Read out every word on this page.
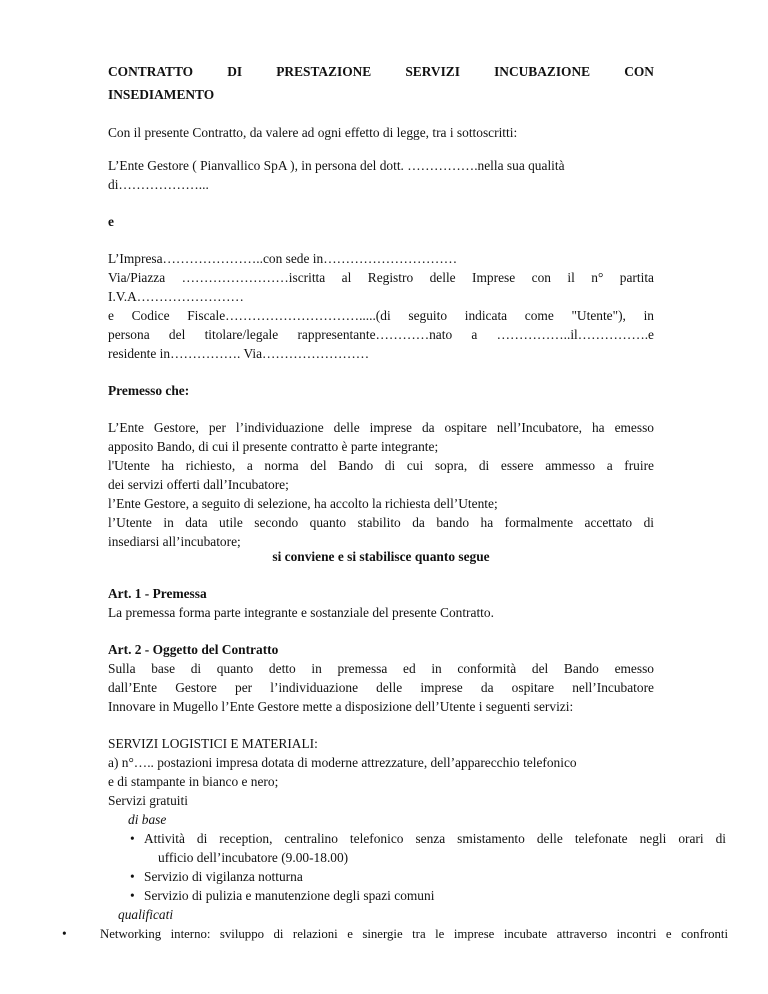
CONTRATTO	DI	PRESTAZIONE	SERVIZI	INCUBAZIONE	CON
INSEDIAMENTO
Con il presente Contratto, da valere ad ogni effetto di legge, tra i sottoscritti:
L’Ente Gestore ( Pianvallico SpA ), in persona del dott. …………….nella sua qualità
di………………...
e
L’Impresa…………………..con sede in…………………………
Via/Piazza ……………………iscritta al Registro delle Imprese con il n° partita
I.V.A……………………
e Codice Fiscale………………………….....(di seguito indicata come "Utente"), in
persona del titolare/legale rappresentante…………nato a ……………..il…………….e
residente in……………. Via……………………
Premesso che:
L’Ente Gestore, per l’individuazione delle imprese da ospitare nell’Incubatore, ha emesso
apposito Bando, di cui il presente contratto è parte integrante;
l'Utente ha richiesto, a norma del Bando di cui sopra, di essere ammesso a fruire
dei servizi offerti dall’Incubatore;
l’Ente Gestore, a seguito di selezione, ha accolto la richiesta dell’Utente;
l’Utente in data utile secondo quanto stabilito da bando ha formalmente accettato di
insediarsi all’incubatore;
si conviene e si stabilisce quanto segue
Art. 1 - Premessa
La premessa forma parte integrante e sostanziale del presente Contratto.
Art. 2 - Oggetto del Contratto
Sulla base di quanto detto in premessa ed in conformità del Bando emesso
dall’Ente Gestore per l’individuazione delle imprese da ospitare nell’Incubatore
Innovare in Mugello l’Ente Gestore mette a disposizione dell’Utente i seguenti servizi:
SERVIZI LOGISTICI E MATERIALI:
a) n°….. postazioni impresa dotata di moderne attrezzature, dell’apparecchio telefonico
e di stampante in bianco e nero;
Servizi gratuiti
di base
• Attività di reception, centralino telefonico senza smistamento delle telefonate negli orari di
ufficio dell’incubatore (9.00-18.00)
• Servizio di vigilanza notturna
• Servizio di pulizia e manutenzione degli spazi comuni
qualificati
•	Networking interno: sviluppo di relazioni e sinergie tra le imprese incubate attraverso incontri e confronti
